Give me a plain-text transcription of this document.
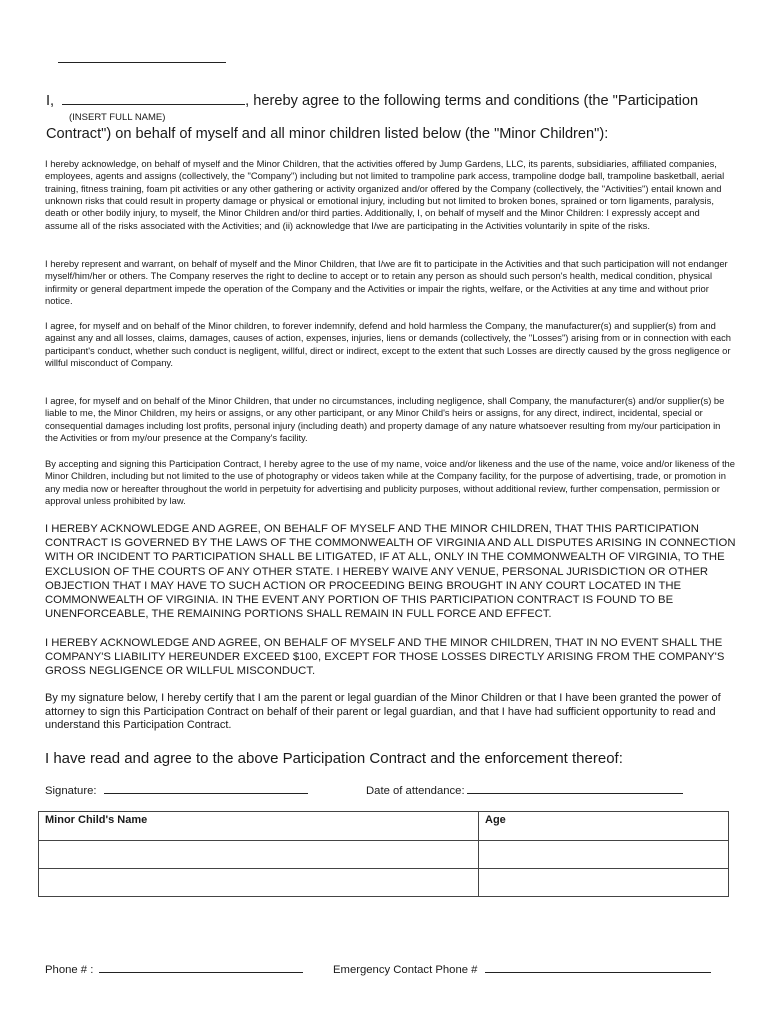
I,	, hereby agree to the following terms and conditions (the "Participation
(INSERT FULL NAME)
Contract") on behalf of myself and all minor children listed below (the "Minor Children"):

I hereby acknowledge, on behalf of myself and the Minor Children, that the activities offered by Jump Gardens, LLC, its parents, subsidiaries, affiliated companies, employees, agents and assigns (collectively, the "Company") including but not limited to trampoline park access, trampoline dodge ball, trampoline basketball, aerial training, fitness training, foam pit activities or any other gathering or activity organized and/or offered by the Company (collectively, the "Activities") entail known and unknown risks that could result in property damage or physical or emotional injury, including but not limited to broken bones, sprained or torn ligaments, paralysis, death or other bodily injury, to myself, the Minor Children and/or third parties. Additionally, I, on behalf of myself and the Minor Children: I expressly accept and assume all of the risks associated with the Activities; and (ii) acknowledge that I/we are participating in the Activities voluntarily in spite of the risks.

I hereby represent and warrant, on behalf of myself and the Minor Children, that I/we are fit to participate in the Activities and that such participation will not endanger myself/him/her or others. The Company reserves the right to decline to accept or to retain any person as should such person's health, medical condition, physical infirmity or general department impede the operation of the Company and the Activities or impair the rights, welfare, or the Activities at any time and without prior notice.

I agree, for myself and on behalf of the Minor children, to forever indemnify, defend and hold harmless the Company, the manufacturer(s) and supplier(s) from and against any and all losses, claims, damages, causes of action, expenses, injuries, liens or demands (collectively, the "Losses") arising from or in connection with each participant's conduct, whether such conduct is negligent, willful, direct or indirect, except to the extent that such Losses are directly caused by the gross negligence or willful misconduct of Company.

I agree, for myself and on behalf of the Minor Children, that under no circumstances, including negligence, shall Company, the manufacturer(s) and/or supplier(s) be liable to me, the Minor Children, my heirs or assigns, or any other participant, or any Minor Child's heirs or assigns, for any direct, indirect, incidental, special or consequential damages including lost profits, personal injury (including death) and property damage of any nature whatsoever resulting from my/our participation in the Activities or from my/our presence at the Company's facility.

By accepting and signing this Participation Contract, I hereby agree to the use of my name, voice and/or likeness and the use of the name, voice and/or likeness of the Minor Children, including but not limited to the use of photography or videos taken while at the Company facility, for the purpose of advertising, trade, or promotion in any media now or hereafter throughout the world in perpetuity for advertising and publicity purposes, without additional review, further compensation, permission or approval unless prohibited by law.

I HEREBY ACKNOWLEDGE AND AGREE, ON BEHALF OF MYSELF AND THE MINOR CHILDREN, THAT THIS PARTICIPATION CONTRACT IS GOVERNED BY THE LAWS OF THE COMMONWEALTH OF VIRGINIA AND ALL DISPUTES ARISING IN CONNECTION WITH OR INCIDENT TO PARTICIPATION SHALL BE LITIGATED, IF AT ALL, ONLY IN THE COMMONWEALTH OF VIRGINIA, TO THE EXCLUSION OF THE COURTS OF ANY OTHER STATE. I HEREBY WAIVE ANY VENUE, PERSONAL JURISDICTION OR OTHER OBJECTION THAT I MAY HAVE TO SUCH ACTION OR PROCEEDING BEING BROUGHT IN ANY COURT LOCATED IN THE COMMONWEALTH OF VIRGINIA. IN THE EVENT ANY PORTION OF THIS PARTICIPATION CONTRACT IS FOUND TO BE UNENFORCEABLE, THE REMAINING PORTIONS SHALL REMAIN IN FULL FORCE AND EFFECT.

I HEREBY ACKNOWLEDGE AND AGREE, ON BEHALF OF MYSELF AND THE MINOR CHILDREN, THAT IN NO EVENT SHALL THE COMPANY'S LIABILITY HEREUNDER EXCEED $100, EXCEPT FOR THOSE LOSSES DIRECTLY ARISING FROM THE COMPANY'S GROSS NEGLIGENCE OR WILLFUL MISCONDUCT.

By my signature below, I hereby certify that I am the parent or legal guardian of the Minor Children or that I have been granted the power of attorney to sign this Participation Contract on behalf of their parent or legal guardian, and that I have had sufficient opportunity to read and understand this Participation Contract.

I have read and agree to the above Participation Contract and the enforcement thereof:
Signature:	Date of attendance:
Minor Child's Name	Age

Phone # :	Emergency Contact Phone #
